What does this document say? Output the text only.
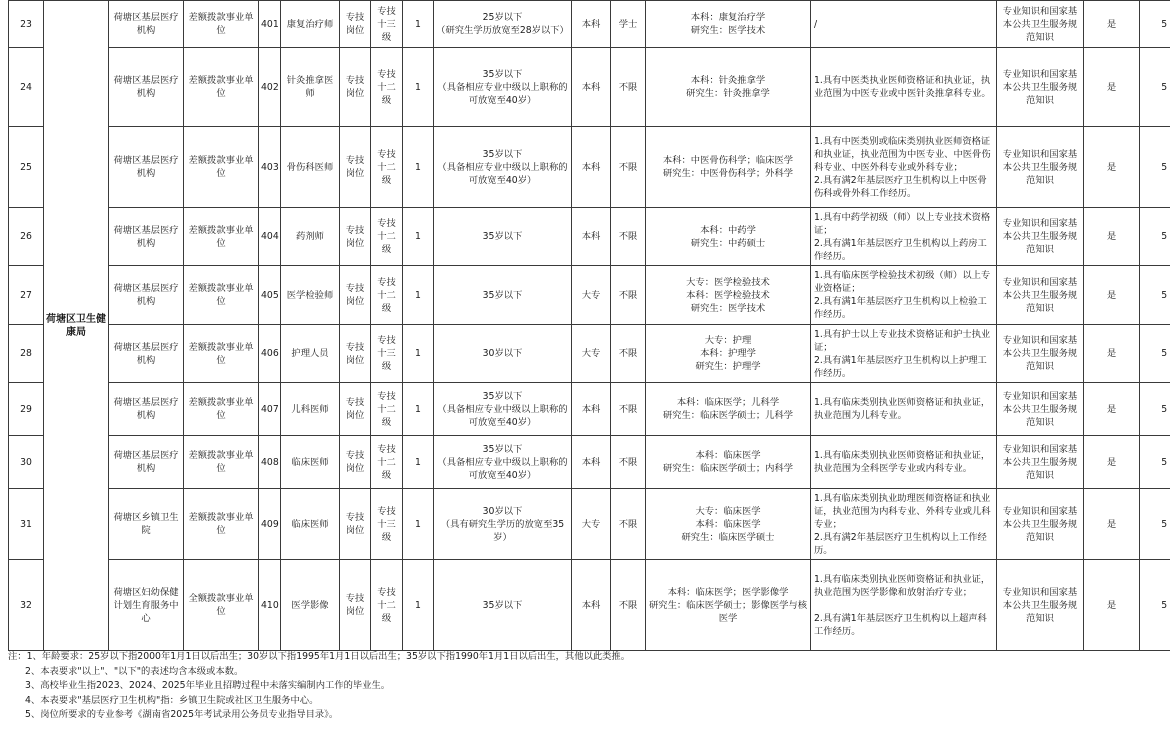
23	荷塘区卫生健康局	荷塘区基层医疗机构	差额拨款事业单位	401	康复治疗师	专技岗位	专技十三级	1	25岁以下
（研究生学历放宽至28岁以下）	本科	学士	本科：康复治疗学
研究生：医学技术	/	专业知识和国家基本公共卫生服务规范知识	是	5
24		荷塘区基层医疗机构	差额拨款事业单位	402	针灸推拿医师	专技岗位	专技十二级	1	35岁以下
（具备相应专业中级以上职称的可放宽至40岁）	本科	不限	本科：针灸推拿学
研究生：针灸推拿学	1.具有中医类执业医师资格证和执业证，执业范围为中医专业或中医针灸推拿科专业。	专业知识和国家基本公共卫生服务规范知识	是	5
25		荷塘区基层医疗机构	差额拨款事业单位	403	骨伤科医师	专技岗位	专技十二级	1	35岁以下
（具备相应专业中级以上职称的可放宽至40岁）	本科	不限	本科：中医骨伤科学；临床医学
研究生：中医骨伤科学；外科学	1.具有中医类别或临床类别执业医师资格证和执业证，执业范围为中医专业、中医骨伤科专业、中医外科专业或外科专业；
2.具有满2年基层医疗卫生机构以上中医骨伤科或骨外科工作经历。	专业知识和国家基本公共卫生服务规范知识	是	5
26		荷塘区基层医疗机构	差额拨款事业单位	404	药剂师	专技岗位	专技十二级	1	35岁以下	本科	不限	本科：中药学
研究生：中药硕士	1.具有中药学初级（师）以上专业技术资格证；
2.具有满1年基层医疗卫生机构以上药房工作经历。	专业知识和国家基本公共卫生服务规范知识	是	5
27		荷塘区基层医疗机构	差额拨款事业单位	405	医学检验师	专技岗位	专技十二级	1	35岁以下	大专	不限	大专：医学检验技术
本科：医学检验技术
研究生：医学技术	1.具有临床医学检验技术初级（师）以上专业资格证；
2.具有满1年基层医疗卫生机构以上检验工作经历。	专业知识和国家基本公共卫生服务规范知识	是	5
28		荷塘区基层医疗机构	差额拨款事业单位	406	护理人员	专技岗位	专技十三级	1	30岁以下	大专	不限	大专：护理
本科：护理学
研究生：护理学	1.具有护士以上专业技术资格证和护士执业证；
2.具有满1年基层医疗卫生机构以上护理工作经历。	专业知识和国家基本公共卫生服务规范知识	是	5
29		荷塘区基层医疗机构	差额拨款事业单位	407	儿科医师	专技岗位	专技十二级	1	35岁以下
（具备相应专业中级以上职称的可放宽至40岁）	本科	不限	本科：临床医学；儿科学
研究生：临床医学硕士；儿科学	1.具有临床类别执业医师资格证和执业证，执业范围为儿科专业。	专业知识和国家基本公共卫生服务规范知识	是	5
30		荷塘区基层医疗机构	差额拨款事业单位	408	临床医师	专技岗位	专技十二级	1	35岁以下
（具备相应专业中级以上职称的可放宽至40岁）	本科	不限	本科：临床医学
研究生：临床医学硕士；内科学	1.具有临床类别执业医师资格证和执业证，执业范围为全科医学专业或内科专业。	专业知识和国家基本公共卫生服务规范知识	是	5
31		荷塘区乡镇卫生院	差额拨款事业单位	409	临床医师	专技岗位	专技十三级	1	30岁以下
（具有研究生学历的放宽至35岁）	大专	不限	大专：临床医学
本科：临床医学
研究生：临床医学硕士	1.具有临床类别执业助理医师资格证和执业证，执业范围为内科专业、外科专业或儿科专业；
2.具有满2年基层医疗卫生机构以上工作经历。	专业知识和国家基本公共卫生服务规范知识	是	5
32		荷塘区妇幼保健计划生育服务中心	全额拨款事业单位	410	医学影像	专技岗位	专技十二级	1	35岁以下	本科	不限	本科：临床医学；医学影像学
研究生：临床医学硕士；影像医学与核医学	1.具有临床类别执业医师资格证和执业证，执业范围为医学影像和放射治疗专业；

2.具有满1年基层医疗卫生机构以上超声科工作经历。	专业知识和国家基本公共卫生服务规范知识	是	5
注：1、年龄要求：25岁以下指2000年1月1日以后出生；30岁以下指1995年1月1日以后出生；35岁以下指1990年1月1日以后出生，其他以此类推。
2、本表要求"以上"、"以下"的表述均含本级或本数。
3、高校毕业生指2023、2024、2025年毕业且招聘过程中未落实编制内工作的毕业生。
4、本表要求"基层医疗卫生机构"指：乡镇卫生院或社区卫生服务中心。
5、岗位所要求的专业参考《湖南省2025年考试录用公务员专业指导目录》。
